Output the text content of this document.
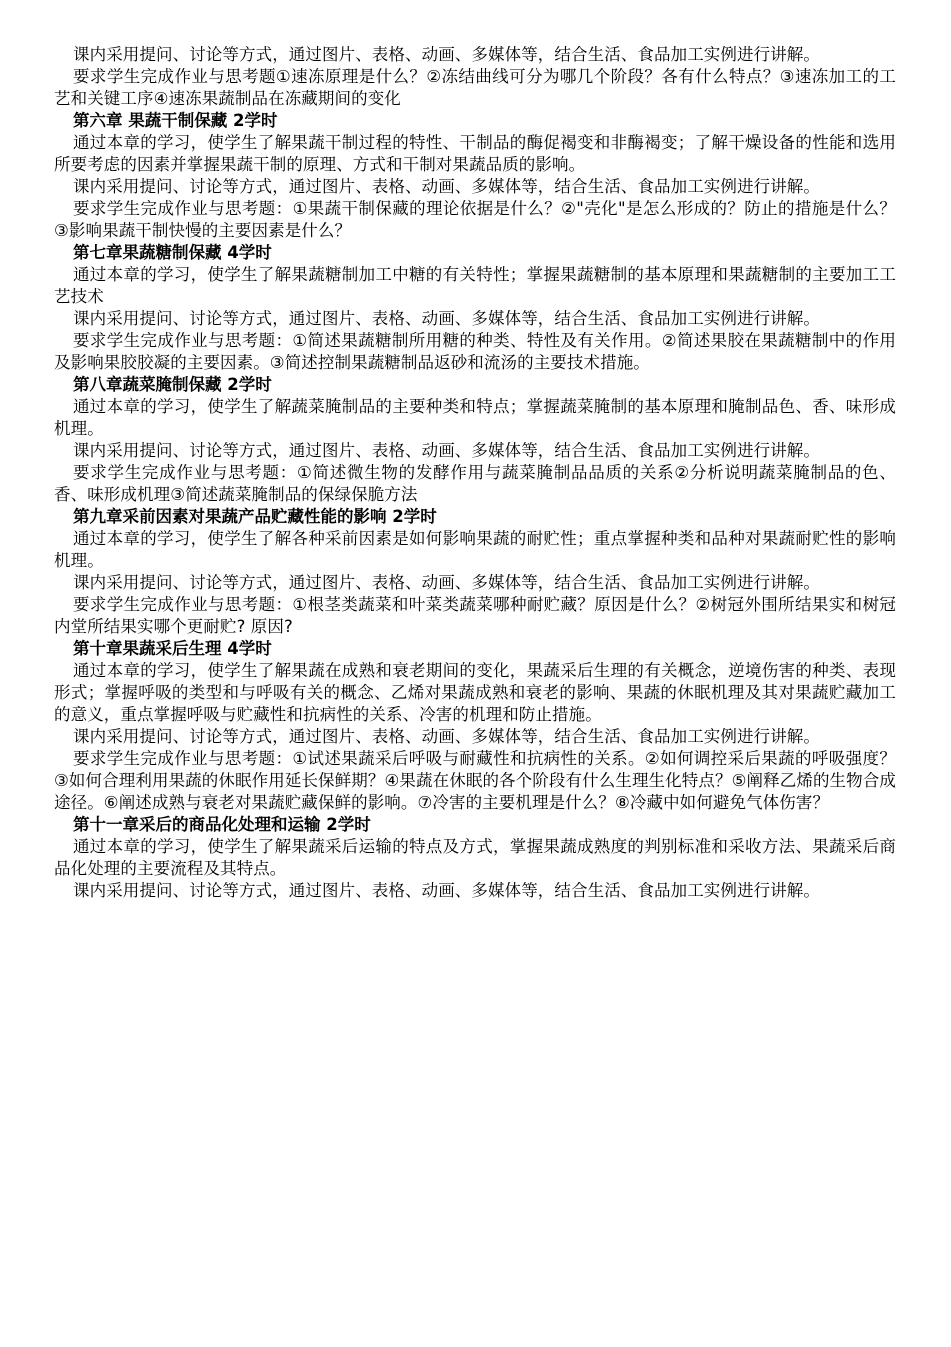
课内采用提问、讨论等方式，通过图片、表格、动画、多媒体等，结合生活、食品加工实例进行讲解。

要求学生完成作业与思考题①速冻原理是什么？②冻结曲线可分为哪几个阶段？各有什么特点？③速冻加工的工艺和关键工序④速冻果蔬制品在冻藏期间的变化

第六章 果蔬干制保藏 2学时

通过本章的学习，使学生了解果蔬干制过程的特性、干制品的酶促褐变和非酶褐变；了解干燥设备的性能和选用所要考虑的因素并掌握果蔬干制的原理、方式和干制对果蔬品质的影响。

课内采用提问、讨论等方式，通过图片、表格、动画、多媒体等，结合生活、食品加工实例进行讲解。

要求学生完成作业与思考题：①果蔬干制保藏的理论依据是什么？②"壳化"是怎么形成的？防止的措施是什么？③影响果蔬干制快慢的主要因素是什么？

第七章果蔬糖制保藏 4学时

通过本章的学习，使学生了解果蔬糖制加工中糖的有关特性；掌握果蔬糖制的基本原理和果蔬糖制的主要加工工艺技术

课内采用提问、讨论等方式，通过图片、表格、动画、多媒体等，结合生活、食品加工实例进行讲解。

要求学生完成作业与思考题：①简述果蔬糖制所用糖的种类、特性及有关作用。②简述果胶在果蔬糖制中的作用及影响果胶胶凝的主要因素。③简述控制果蔬糖制品返砂和流汤的主要技术措施。

第八章蔬菜腌制保藏 2学时

通过本章的学习，使学生了解蔬菜腌制品的主要种类和特点；掌握蔬菜腌制的基本原理和腌制品色、香、味形成机理。

课内采用提问、讨论等方式，通过图片、表格、动画、多媒体等，结合生活、食品加工实例进行讲解。

要求学生完成作业与思考题：①简述微生物的发酵作用与蔬菜腌制品品质的关系②分析说明蔬菜腌制品的色、香、味形成机理③简述蔬菜腌制品的保绿保脆方法

第九章采前因素对果蔬产品贮藏性能的影响 2学时

通过本章的学习，使学生了解各种采前因素是如何影响果蔬的耐贮性；重点掌握种类和品种对果蔬耐贮性的影响机理。

课内采用提问、讨论等方式，通过图片、表格、动画、多媒体等，结合生活、食品加工实例进行讲解。

要求学生完成作业与思考题：①根茎类蔬菜和叶菜类蔬菜哪种耐贮藏？原因是什么？②树冠外围所结果实和树冠内堂所结果实哪个更耐贮? 原因?

第十章果蔬采后生理 4学时

通过本章的学习，使学生了解果蔬在成熟和衰老期间的变化，果蔬采后生理的有关概念，逆境伤害的种类、表现形式；掌握呼吸的类型和与呼吸有关的概念、乙烯对果蔬成熟和衰老的影响、果蔬的休眠机理及其对果蔬贮藏加工的意义，重点掌握呼吸与贮藏性和抗病性的关系、冷害的机理和防止措施。

课内采用提问、讨论等方式，通过图片、表格、动画、多媒体等，结合生活、食品加工实例进行讲解。

要求学生完成作业与思考题：①试述果蔬采后呼吸与耐藏性和抗病性的关系。②如何调控采后果蔬的呼吸强度？③如何合理利用果蔬的休眠作用延长保鲜期？④果蔬在休眠的各个阶段有什么生理生化特点？⑤阐释乙烯的生物合成途径。⑥阐述成熟与衰老对果蔬贮藏保鲜的影响。⑦冷害的主要机理是什么？⑧冷藏中如何避免气体伤害？

第十一章采后的商品化处理和运输 2学时

通过本章的学习，使学生了解果蔬采后运输的特点及方式，掌握果蔬成熟度的判别标准和采收方法、果蔬采后商品化处理的主要流程及其特点。

课内采用提问、讨论等方式，通过图片、表格、动画、多媒体等，结合生活、食品加工实例进行讲解。
